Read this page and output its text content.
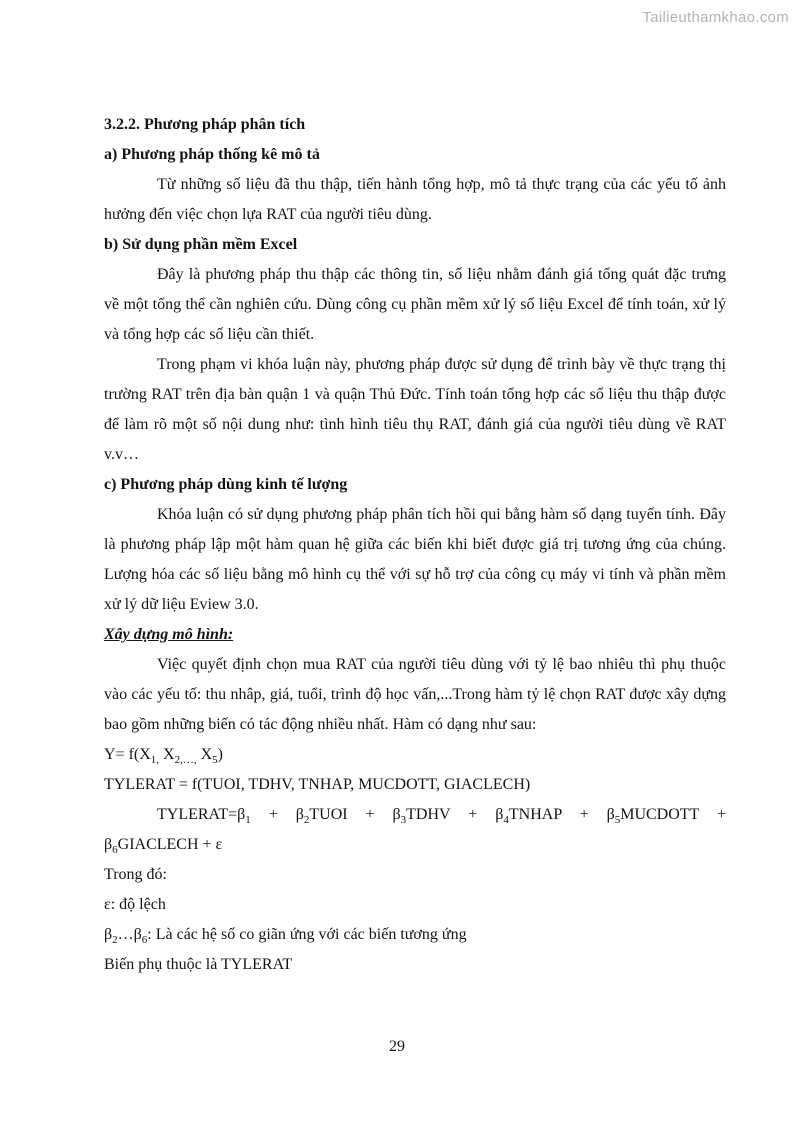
Tailieuthamkhao.com
3.2.2. Phương pháp phân tích
a) Phương pháp thống kê mô tả

Từ những số liệu đã thu thập, tiến hành tổng hợp, mô tả thực trạng của các yếu tố ảnh hưởng đến việc chọn lựa RAT của người tiêu dùng.

b) Sử dụng phần mềm Excel

Đây là phương pháp thu thập các thông tin, số liệu nhằm đánh giá tổng quát đặc trưng về một tổng thể cần nghiên cứu. Dùng công cụ phần mềm xử lý số liệu Excel để tính toán, xử lý và tổng hợp các số liệu cần thiết.

Trong phạm vi khóa luận này, phương pháp được sử dụng để trình bày về thực trạng thị trường RAT trên địa bàn quận 1 và quận Thủ Đức. Tính toán tổng hợp các số liệu thu thập được để làm rõ một số nội dung như: tình hình tiêu thụ RAT, đánh giá của người tiêu dùng về RAT v.v…

c) Phương pháp dùng kinh tế lượng

Khóa luận có sử dụng phương pháp phân tích hồi qui bằng hàm số dạng tuyến tính. Đây là phương pháp lập một hàm quan hệ giữa các biến khi biết được giá trị tương ứng của chúng. Lượng hóa các số liệu bằng mô hình cụ thể với sự hỗ trợ của công cụ máy vi tính và phần mềm xử lý dữ liệu Eview 3.0.

Xây dựng mô hình:

Việc quyết định chọn mua RAT của người tiêu dùng với tỷ lệ bao nhiêu thì phụ thuộc vào các yếu tố: thu nhâp, giá, tuổi, trình độ học vấn,...Trong hàm tỷ lệ chọn RAT được xây dựng bao gồm những biến có tác động nhiều nhất. Hàm có dạng như sau:

$Y= f(X_{1,}$ $X_{2,\dots,}$ $X_5$)
TYLERAT = f(TUOI, TDHV, TNHAP, MUCDOTT, GIACLECH)
$TYLERAT=\beta_1$ + $\beta_2TUOI$ + $\beta_3TDHV$ + $\beta_4TNHAP$ + $\beta_5MUCDOTT$ +
$\beta_6GIACLECH + \varepsilon$
Trong đó:
ε: độ lệch
$\beta_2\dots\beta_6$: Là các hệ số co giãn ứng với các biến tương ứng
Biến phụ thuộc là TYLERAT
29
